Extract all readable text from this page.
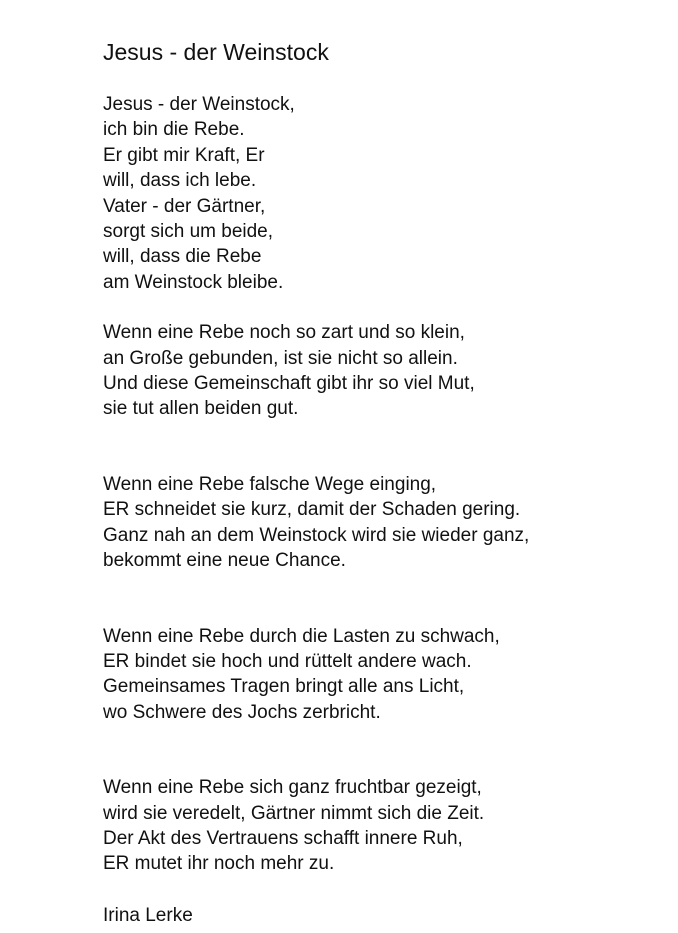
Jesus - der Weinstock
Jesus - der Weinstock,
ich bin die Rebe.
Er gibt mir Kraft, Er
will, dass ich lebe.
Vater - der Gärtner,
sorgt sich um beide,
will, dass die Rebe
am Weinstock bleibe.
Wenn eine Rebe noch so zart und so klein,
an Große gebunden, ist sie nicht so allein.
Und diese Gemeinschaft gibt ihr so viel Mut,
sie tut allen beiden gut.
Wenn eine Rebe falsche Wege einging,
ER schneidet sie kurz, damit der Schaden gering.
Ganz nah an dem Weinstock wird sie wieder ganz,
bekommt eine neue Chance.
Wenn eine Rebe durch die Lasten zu schwach,
ER bindet sie hoch und rüttelt andere wach.
Gemeinsames Tragen bringt alle ans Licht,
wo Schwere des Jochs zerbricht.
Wenn eine Rebe sich ganz fruchtbar gezeigt,
wird sie veredelt, Gärtner nimmt sich die Zeit.
Der Akt des Vertrauens schafft innere Ruh,
ER mutet ihr noch mehr zu.
Irina Lerke
